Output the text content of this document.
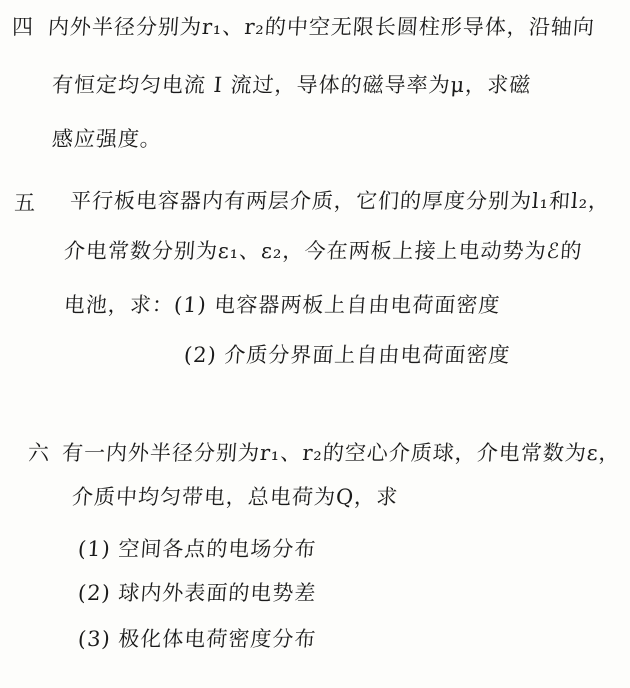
四 内外半径分别为r₁、r₂的中空无限长圆柱形导体，沿轴向
有恒定均匀电流 I 流过，导体的磁导率为μ，求磁
感应强度。
五 平行板电容器内有两层介质，它们的厚度分别为l₁和l₂，
介电常数分别为ε₁、ε₂，今在两板上接上电动势为ℰ的
电池，求：(1) 电容器两板上自由电荷面密度
(2) 介质分界面上自由电荷面密度
六 有一内外半径分别为r₁、r₂的空心介质球，介电常数为ε，
介质中均匀带电，总电荷为Q，求
(1) 空间各点的电场分布
(2) 球内外表面的电势差
(3) 极化体电荷密度分布
